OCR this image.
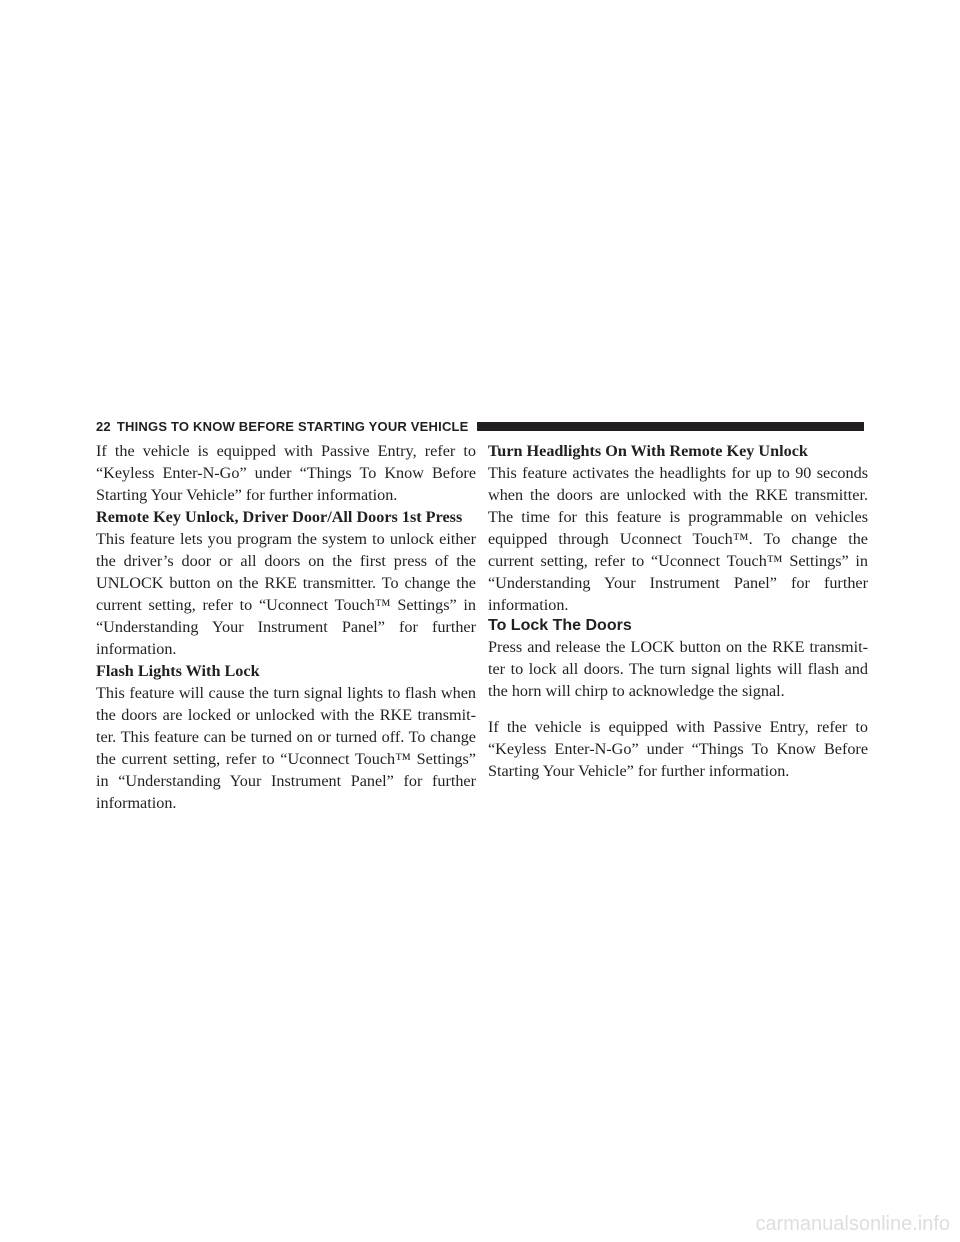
22 THINGS TO KNOW BEFORE STARTING YOUR VEHICLE

If the vehicle is equipped with Passive Entry, refer to “Keyless Enter-N-Go” under “Things To Know Before Starting Your Vehicle” for further information.

Remote Key Unlock, Driver Door/All Doors 1st Press

This feature lets you program the system to unlock either the driver’s door or all doors on the first press of the UNLOCK button on the RKE transmitter. To change the current setting, refer to “Uconnect Touch™ Settings” in “Understanding Your Instrument Panel” for further information.

Flash Lights With Lock

This feature will cause the turn signal lights to flash when the doors are locked or unlocked with the RKE transmit-ter. This feature can be turned on or turned off. To change the current setting, refer to “Uconnect Touch™ Settings” in “Understanding Your Instrument Panel” for further information.

Turn Headlights On With Remote Key Unlock

This feature activates the headlights for up to 90 seconds when the doors are unlocked with the RKE transmitter. The time for this feature is programmable on vehicles equipped through Uconnect Touch™. To change the current setting, refer to “Uconnect Touch™ Settings” in “Understanding Your Instrument Panel” for further information.

To Lock The Doors

Press and release the LOCK button on the RKE transmit-ter to lock all doors. The turn signal lights will flash and the horn will chirp to acknowledge the signal.

If the vehicle is equipped with Passive Entry, refer to “Keyless Enter-N-Go” under “Things To Know Before Starting Your Vehicle” for further information.

carmanualsonline.info
